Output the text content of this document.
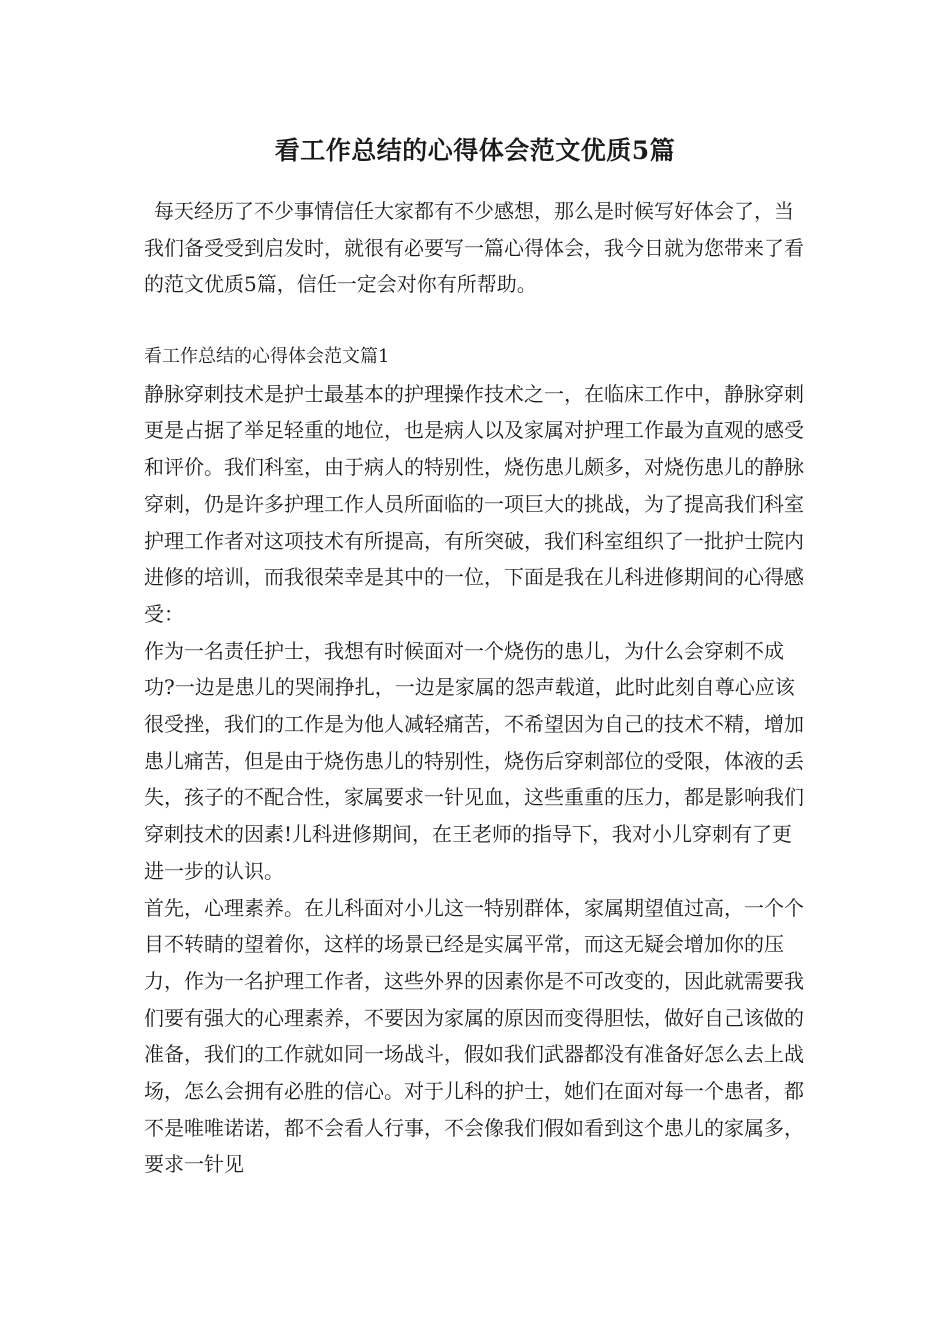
看工作总结的心得体会范文优质5篇
每天经历了不少事情信任大家都有不少感想，那么是时候写好体会了，当我们备受受到启发时，就很有必要写一篇心得体会，我今日就为您带来了看的范文优质5篇，信任一定会对你有所帮助。

看工作总结的心得体会范文篇1

静脉穿刺技术是护士最基本的护理操作技术之一，在临床工作中，静脉穿刺更是占据了举足轻重的地位，也是病人以及家属对护理工作最为直观的感受和评价。我们科室，由于病人的特别性，烧伤患儿颇多，对烧伤患儿的静脉穿刺，仍是许多护理工作人员所面临的一项巨大的挑战，为了提高我们科室护理工作者对这项技术有所提高，有所突破，我们科室组织了一批护士院内进修的培训，而我很荣幸是其中的一位，下面是我在儿科进修期间的心得感受：

作为一名责任护士，我想有时候面对一个烧伤的患儿，为什么会穿刺不成功?一边是患儿的哭闹挣扎，一边是家属的怨声载道，此时此刻自尊心应该很受挫，我们的工作是为他人减轻痛苦，不希望因为自己的技术不精，增加患儿痛苦，但是由于烧伤患儿的特别性，烧伤后穿刺部位的受限，体液的丢失，孩子的不配合性，家属要求一针见血，这些重重的压力，都是影响我们穿刺技术的因素!儿科进修期间，在王老师的指导下，我对小儿穿刺有了更进一步的认识。

首先，心理素养。在儿科面对小儿这一特别群体，家属期望值过高，一个个目不转睛的望着你，这样的场景已经是实属平常，而这无疑会增加你的压力，作为一名护理工作者，这些外界的因素你是不可改变的，因此就需要我们要有强大的心理素养，不要因为家属的原因而变得胆怯，做好自己该做的准备，我们的工作就如同一场战斗，假如我们武器都没有准备好怎么去上战场，怎么会拥有必胜的信心。对于儿科的护士，她们在面对每一个患者，都不是唯唯诺诺，都不会看人行事，不会像我们假如看到这个患儿的家属多，要求一针见
